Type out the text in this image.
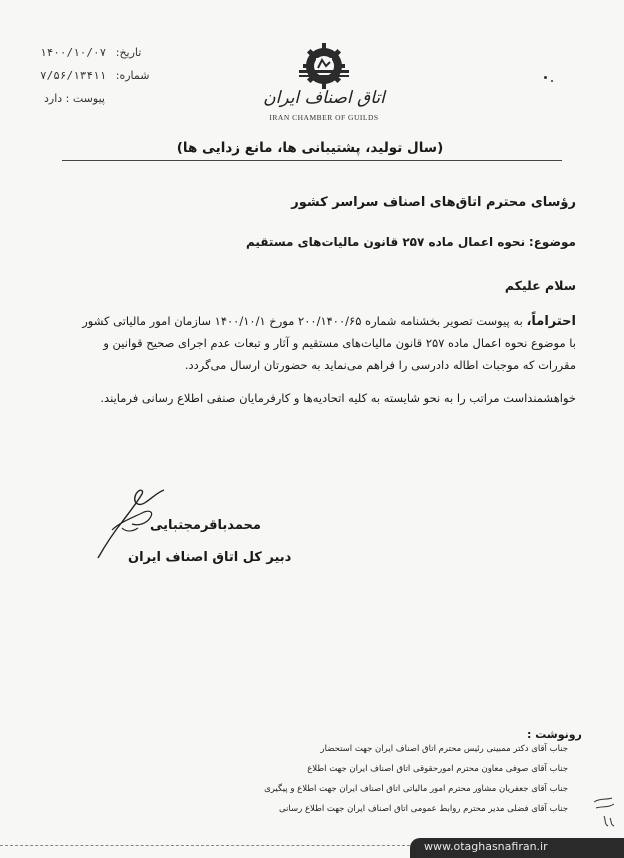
تاریخ: ۱۴۰۰/۱۰/۰۷
شماره: ۷/۵۶/۱۳۴۱۱
پیوست : دارد	اتاق اصناف ایران
IRAN CHAMBER OF GUILDS
(سال تولید، پشتیبانی ها، مانع زدایی ها)
رؤسای محترم اتاق‌های اصناف سراسر کشور
موضوع: نحوه اعمال ماده ۲۵۷ قانون مالیات‌های مستقیم
سلام علیکم
احتراماً، به پیوست تصویر بخشنامه شماره ۲۰۰/۱۴۰۰/۶۵ مورخ ۱۴۰۰/۱۰/۱ سازمان امور مالیاتی کشور
با موضوع نحوه اعمال ماده ۲۵۷ قانون مالیات‌های مستقیم و آثار و تبعات عدم اجرای صحیح قوانین و
مقررات که موجبات اطاله دادرسی را فراهم می‌نماید به حضورتان ارسال می‌گردد.
خواهشمنداست مراتب را به نحو شایسته به کلیه اتحادیه‌ها و کارفرمایان صنفی اطلاع رسانی فرمایند.
محمدباقرمجتبایی
دبیر کل اتاق اصناف ایران
رونوشت :
جناب آقای دکتر ممبینی رئیس محترم اتاق اصناف ایران جهت استحضار
جناب آقای صوفی معاون محترم امورحقوقی اتاق اصناف ایران جهت اطلاع
جناب آقای جعفریان مشاور محترم امور مالیاتی اتاق اصناف ایران جهت اطلاع و پیگیری
جناب آقای فضلی مدیر محترم روابط عمومی اتاق اصناف ایران جهت اطلاع رسانی
www.otaghasnafiran.ir
